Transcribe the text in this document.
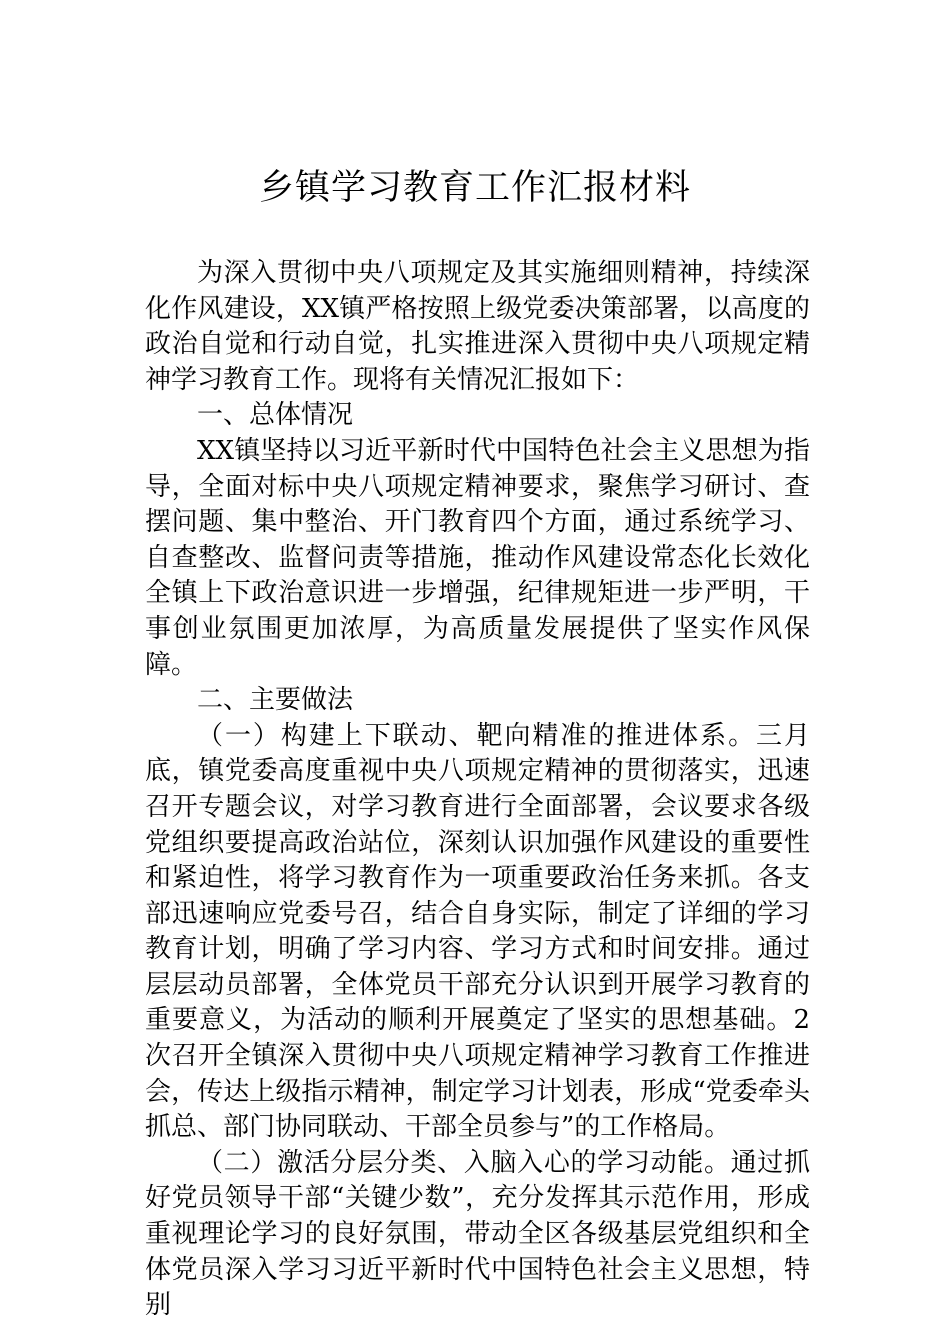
乡镇学习教育工作汇报材料

为深入贯彻中央八项规定及其实施细则精神，持续深化作风建设，XX镇严格按照上级党委决策部署，以高度的政治自觉和行动自觉，扎实推进深入贯彻中央八项规定精神学习教育工作。现将有关情况汇报如下：

一、总体情况

XX镇坚持以习近平新时代中国特色社会主义思想为指导，全面对标中央八项规定精神要求，聚焦学习研讨、查摆问题、集中整治、开门教育四个方面，通过系统学习、自查整改、监督问责等措施，推动作风建设常态化长效化全镇上下政治意识进一步增强，纪律规矩进一步严明，干事创业氛围更加浓厚，为高质量发展提供了坚实作风保障。

二、主要做法

（一）构建上下联动、靶向精准的推进体系。三月底，镇党委高度重视中央八项规定精神的贯彻落实，迅速召开专题会议，对学习教育进行全面部署，会议要求各级党组织要提高政治站位，深刻认识加强作风建设的重要性和紧迫性，将学习教育作为一项重要政治任务来抓。各支部迅速响应党委号召，结合自身实际，制定了详细的学习教育计划，明确了学习内容、学习方式和时间安排。通过层层动员部署，全体党员干部充分认识到开展学习教育的重要意义，为活动的顺利开展奠定了坚实的思想基础。2次召开全镇深入贯彻中央八项规定精神学习教育工作推进会，传达上级指示精神，制定学习计划表，形成“党委牵头抓总、部门协同联动、干部全员参与”的工作格局。

（二）激活分层分类、入脑入心的学习动能。通过抓好党员领导干部“关键少数”，充分发挥其示范作用，形成重视理论学习的良好氛围，带动全区各级基层党组织和全体党员深入学习习近平新时代中国特色社会主义思想，特别
